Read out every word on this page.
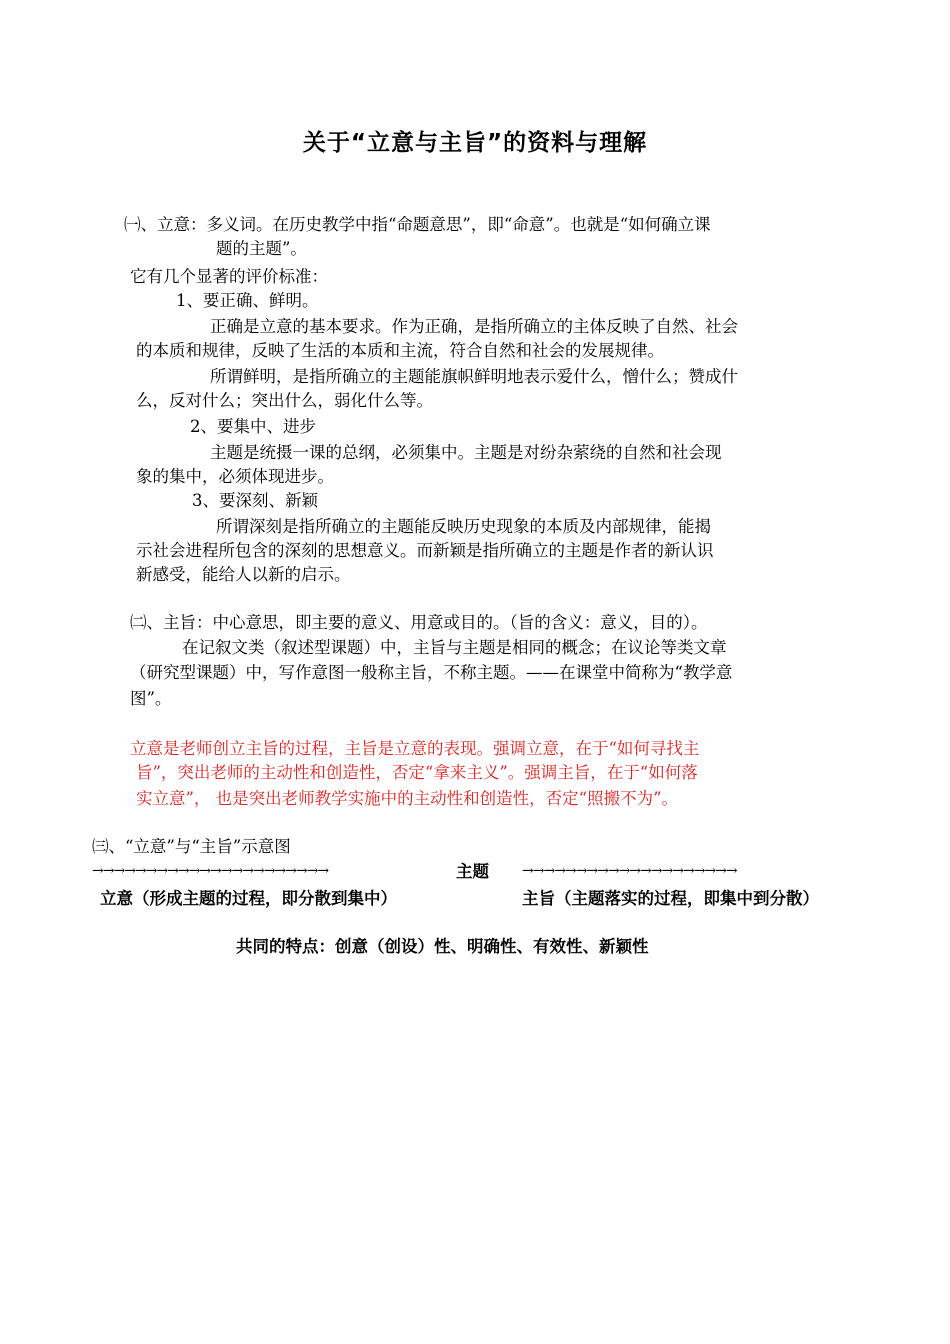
关于“立意与主旨”的资料与理解
㈠、立意：多义词。在历史教学中指“命题意思”，即“命意”。也就是“如何确立课
题的主题”。
它有几个显著的评价标准：
1、要正确、鲜明。
正确是立意的基本要求。作为正确，是指所确立的主体反映了自然、社会
的本质和规律，反映了生活的本质和主流，符合自然和社会的发展规律。
所谓鲜明，是指所确立的主题能旗帜鲜明地表示爱什么，憎什么；赞成什
么，反对什么；突出什么，弱化什么等。
2、要集中、进步
主题是统摄一课的总纲，必须集中。主题是对纷杂萦绕的自然和社会现
象的集中，必须体现进步。
3、要深刻、新颖
所谓深刻是指所确立的主题能反映历史现象的本质及内部规律，能揭
示社会进程所包含的深刻的思想意义。而新颖是指所确立的主题是作者的新认识
新感受，能给人以新的启示。
㈡、主旨：中心意思，即主要的意义、用意或目的。（旨的含义：意义，目的）。
在记叙文类（叙述型课题）中，主旨与主题是相同的概念；在议论等类文章
（研究型课题）中，写作意图一般称主旨，不称主题。——在课堂中简称为“教学意
图”。
立意是老师创立主旨的过程，主旨是立意的表现。强调立意，在于“如何寻找主
旨”，突出老师的主动性和创造性，否定“拿来主义”。强调主旨，在于“如何落
实立意”， 也是突出老师教学实施中的主动性和创造性，否定“照搬不为”。
㈢、“立意”与“主旨”示意图
→→→→→→→→→→→→→→→→→→→→→→	主题 →→→→→→→→→→→→→→→→→→→→
立意（形成主题的过程，即分散到集中）	主旨（主题落实的过程，即集中到分散）
共同的特点：创意（创设）性、明确性、有效性、新颖性
